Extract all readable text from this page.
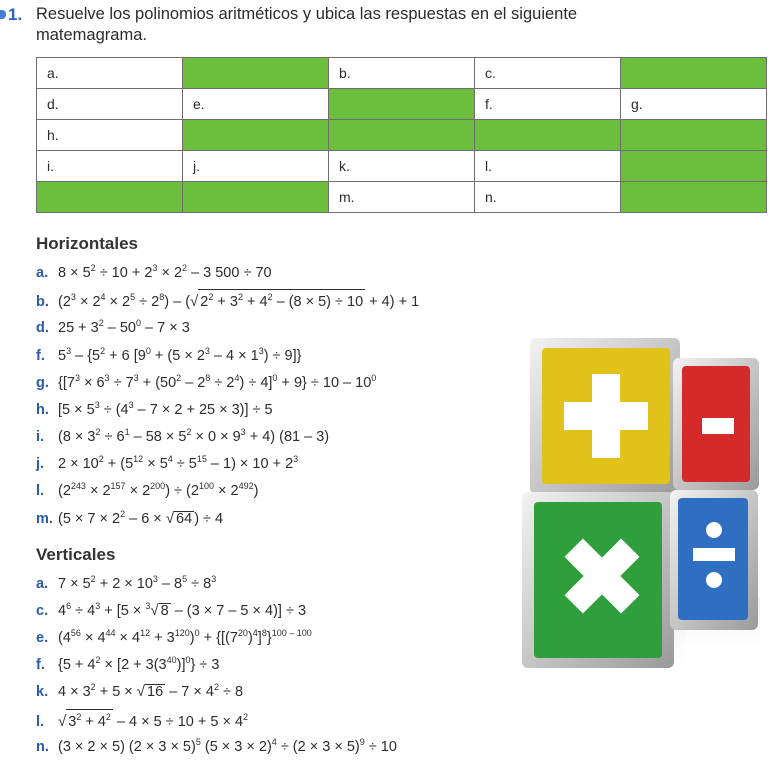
1. Resuelve los polinomios aritméticos y ubica las respuestas en el siguiente matemagrama.
a.		b.	c.	
d.	e.		f.	g.
h.				
i.	j.	k.	l.	
		m.	n.	
Horizontales
a. $8 \times 5^2 \div 10 + 2^3 \times 2^2 - 3$ 500 ÷ 70
b. $(2^3 \times 2^4 \times 2^5 \div 2^8)$ – (√ $2^2 + 3^2 + 4^2 - (8 \times 5) \div 10 + 4) + 1$
d. $25 + 3^2 - 50^0 - 7 \times 3$
f. $5^3 - \{5^2 + 6$ $[9^0 + (5 \times 2^3 - 4 \times 1^3) \div 9]$}
g. $\{[7^3 \times 6^3 \div 7^3 + (50^2 - 2^8 \div 2^4) \div 4]^0 + 9\} \div 10 - 10^0$
h. $[5 \times 5^3 \div (4^3 - 7 \times 2 + 25 \times 3)] \div 5$
i. $(8 \times 3^2 \div 6^1 - 58 \times 5^2 \times 0 \times 9^3 + 4)$ (81 – 3)
j. $2 \times 10^2 + (5^{12} \times 5^4 \div 5^{15} - 1) \times 10 + 2^3$
l. $(2^{243} \times 2^{157} \times 2^{200}) \div (2^{100} \times 2^{492})$
m. ($5 \times 7 \times 2^2 - 6$ × √ 64 ) ÷ 4
Verticales
a. $7 \times 5^2 + 2 \times 10^3 - 8^5 \div 8^3$
c. $4^6 \div 4^3 + [5 \times ^3√$ 8 – (3 × 7 – 5 × 4)] ÷ 3
e. $(4^{56} \times 4^{44} \times 4^{12} + 3^{120})^0 + \{[(7^{20})^4]^8\}^{100 - 100}$
f. $\{5 + 4^2 \times [2 + 3(3^{40})]^0\} \div 3$
k. $4 \times 3^2 + 5$ × √ $16 - 7 \times 4^2 \div 8$
l. √ $3^2 + 4^2 - 4 \times 5 \div 10 + 5 \times 4^2$
n. (3 × 2 × 5) $(2 \times 3 \times 5)^5$ $(5 \times 3 \times 2)^4 \div (2 \times 3 \times 5)^9 \div 10$
